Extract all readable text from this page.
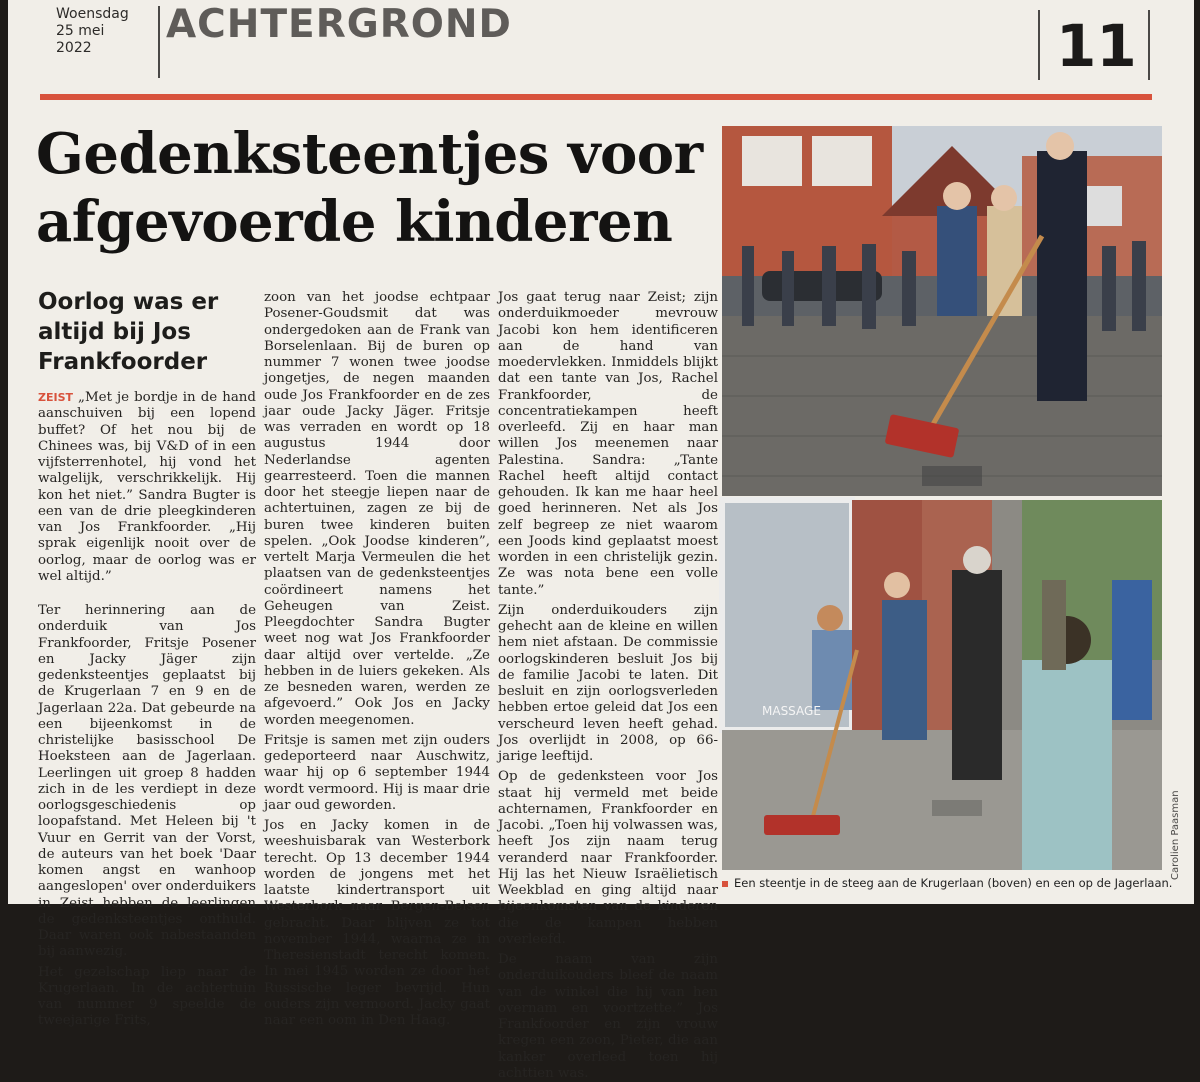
Woensdag
25 mei
2022
ACHTERGROND	11
Gedenksteentjes voor
afgevoerde kinderen
Oorlog was er altijd bij Jos Frankfoorder

ZEIST „Met je bordje in de hand aanschuiven bij een lopend buffet? Of het nou bij de Chinees was, bij V&D of in een vijfsterrenhotel, hij vond het walgelijk, verschrikkelijk. Hij kon het niet.” Sandra Bugter is een van de drie pleegkinderen van Jos Frankfoorder. „Hij sprak eigenlijk nooit over de oorlog, maar de oorlog was er wel altijd.”

Ter herinnering aan de onderduik van Jos Frankfoorder, Fritsje Posener en Jacky Jäger zijn gedenksteentjes geplaatst bij de Krugerlaan 7 en 9 en de Jagerlaan 22a. Dat gebeurde na een bijeenkomst in de christelijke basisschool De Hoeksteen aan de Jagerlaan. Leerlingen uit groep 8 hadden zich in de les verdiept in deze oorlogsgeschiedenis op loopafstand. Met Heleen bij 't Vuur en Gerrit van der Vorst, de auteurs van het boek 'Daar komen angst en wanhoop aangeslopen' over onderduikers in Zeist hebben de leerlingen de gedenksteentjes onthuld. Daar waren ook nabestaanden bij aanwezig.

Het gezelschap liep naar de Krugerlaan. In de achtertuin van nummer 9 speelde de tweejarige Frits,

zoon van het joodse echtpaar Posener-Goudsmit dat was ondergedoken aan de Frank van Borselenlaan. Bij de buren op nummer 7 wonen twee joodse jongetjes, de negen maanden oude Jos Frankfoorder en de zes jaar oude Jacky Jäger. Fritsje was verraden en wordt op 18 augustus 1944 door Nederlandse agenten gearresteerd. Toen die mannen door het steegje liepen naar de achtertuinen, zagen ze bij de buren twee kinderen buiten spelen. „Ook Joodse kinderen”, vertelt Marja Vermeulen die het plaatsen van de gedenksteentjes coördineert namens het Geheugen van Zeist. Pleegdochter Sandra Bugter weet nog wat Jos Frankfoorder daar altijd over vertelde. „Ze hebben in de luiers gekeken. Als ze besneden waren, werden ze afgevoerd.” Ook Jos en Jacky worden meegenomen.

Fritsje is samen met zijn ouders gedeporteerd naar Auschwitz, waar hij op 6 september 1944 wordt vermoord. Hij is maar drie jaar oud geworden.

Jos en Jacky komen in de weeshuisbarak van Westerbork terecht. Op 13 december 1944 worden de jongens met het laatste kindertransport uit Westerbork naar Bergen-Belsen gebracht. Daar blijven ze tot november 1944, waarna ze in Theresienstadt terecht komen. In mei 1945 worden ze door het Russische leger bevrijd. Hun ouders zijn vermoord. Jacky gaat naar een oom in Den Haag.

Jos gaat terug naar Zeist; zijn onderduikmoeder mevrouw Jacobi kon hem identificeren aan de hand van moedervlekken. Inmiddels blijkt dat een tante van Jos, Rachel Frankfoorder, de concentratiekampen heeft overleefd. Zij en haar man willen Jos meenemen naar Palestina. Sandra: „Tante Rachel heeft altijd contact gehouden. Ik kan me haar heel goed herinneren. Net als Jos zelf begreep ze niet waarom een Joods kind geplaatst moest worden in een christelijk gezin. Ze was nota bene een volle tante.”

Zijn onderduikouders zijn gehecht aan de kleine en willen hem niet afstaan. De commissie oorlogskinderen besluit Jos bij de familie Jacobi te laten. Dit besluit en zijn oorlogsverleden hebben ertoe geleid dat Jos een verscheurd leven heeft gehad. Jos overlijdt in 2008, op 66-jarige leeftijd.

Op de gedenksteen voor Jos staat hij vermeld met beide achternamen, Frankfoorder en Jacobi. „Toen hij volwassen was, heeft Jos zijn naam terug veranderd naar Frankfoorder. Hij las het Nieuw Israëlietisch Weekblad en ging altijd naar bijeenkomsten van de kinderen die de kampen hebben overleefd.

De naam van zijn onderduikouders bleef de naam van de winkel die hij van hen overnam en voortzette.” Jos Frankfoorder en zijn vrouw kregen een zoon, Pieter, die aan kanker overleed toen hij achttien was.

MASSAGE
Carolien Paasman
Een steentje in de steeg aan de Krugerlaan (boven) en een op de Jagerlaan.
